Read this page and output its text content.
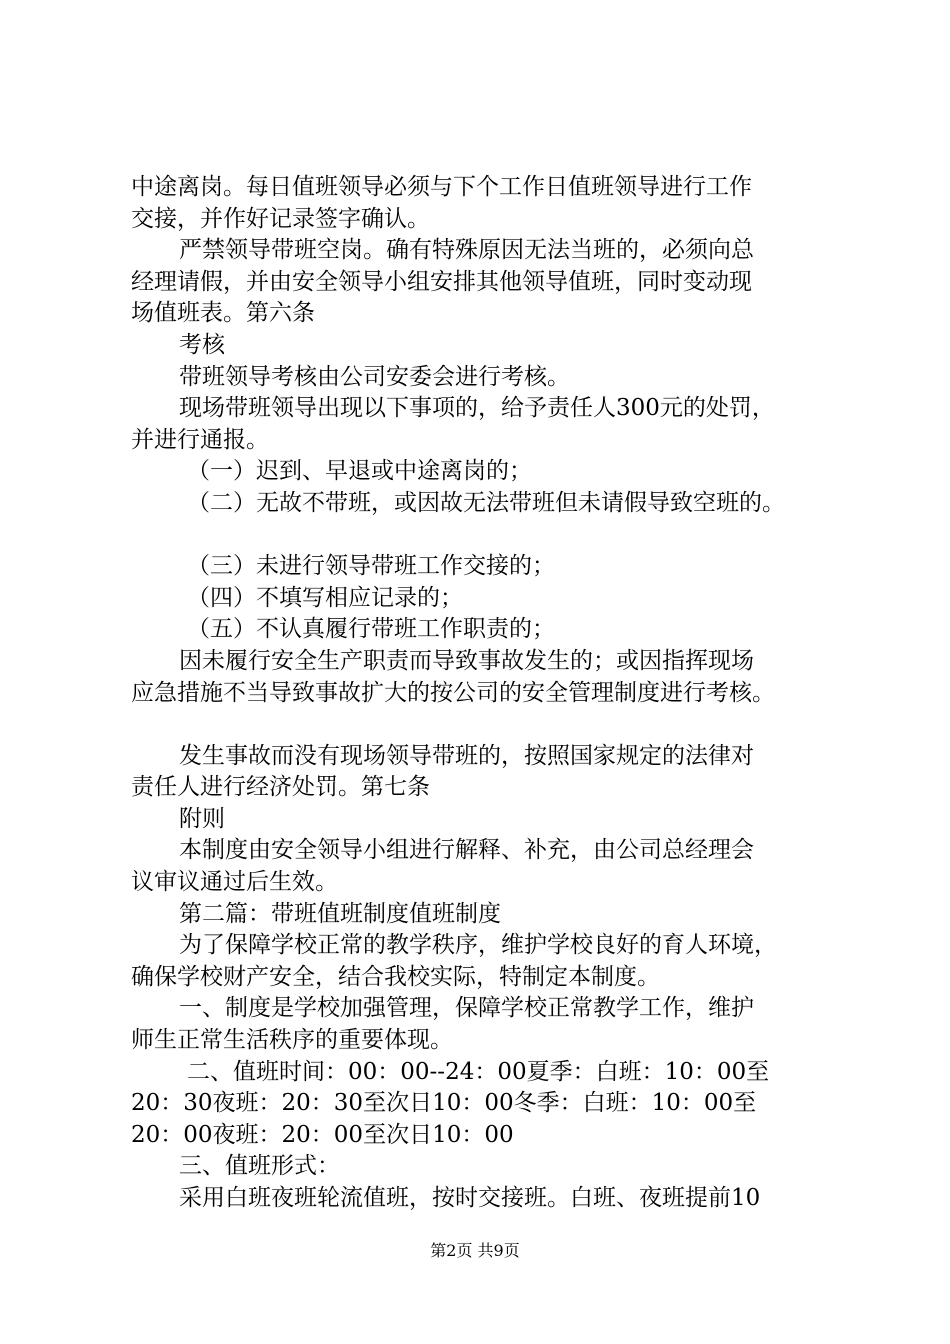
中途离岗。每日值班领导必须与下个工作日值班领导进行工作
交接，并作好记录签字确认。
严禁领导带班空岗。确有特殊原因无法当班的，必须向总
经理请假，并由安全领导小组安排其他领导值班，同时变动现
场值班表。第六条
考核
带班领导考核由公司安委会进行考核。
现场带班领导出现以下事项的，给予责任人300元的处罚，
并进行通报。
（一）迟到、早退或中途离岗的；
（二）无故不带班，或因故无法带班但未请假导致空班的。
（三）未进行领导带班工作交接的；
（四）不填写相应记录的；
（五）不认真履行带班工作职责的；
因未履行安全生产职责而导致事故发生的；或因指挥现场
应急措施不当导致事故扩大的按公司的安全管理制度进行考核。
发生事故而没有现场领导带班的，按照国家规定的法律对
责任人进行经济处罚。第七条
附则
本制度由安全领导小组进行解释、补充，由公司总经理会
议审议通过后生效。
第二篇：带班值班制度值班制度
为了保障学校正常的教学秩序，维护学校良好的育人环境，
确保学校财产安全，结合我校实际，特制定本制度。
一、制度是学校加强管理，保障学校正常教学工作，维护
师生正常生活秩序的重要体现。
二、值班时间：00：00--24：00夏季：白班：10：00至
20：30夜班：20：30至次日10：00冬季：白班：10：00至
20：00夜班：20：00至次日10：00
三、值班形式：
采用白班夜班轮流值班，按时交接班。白班、夜班提前10
第2页 共9页
